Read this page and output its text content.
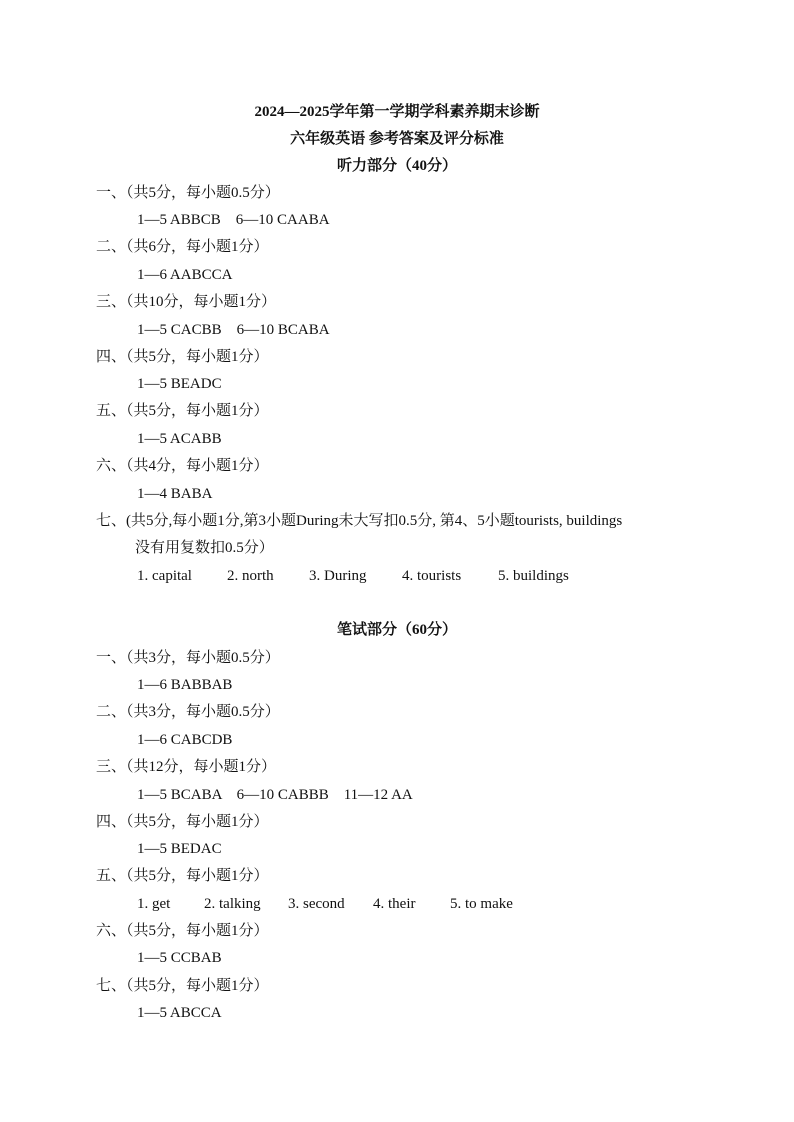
2024—2025学年第一学期学科素养期末诊断
六年级英语 参考答案及评分标准
听力部分（40分）
一、（共5分，每小题0.5分）
1—5 ABBCB    6—10 CAABA
二、（共6分，每小题1分）
1—6 AABCCA
三、（共10分，每小题1分）
1—5 CACBB    6—10 BCABA
四、（共5分，每小题1分）
1—5 BEADC
五、（共5分，每小题1分）
1—5 ACABB
六、（共4分，每小题1分）
1—4 BABA
七、(共5分,每小题1分,第3小题During未大写扣0.5分, 第4、5小题tourists, buildings
没有用复数扣0.5分）
1. capital 2. north 3. During 4. tourists 5. buildings
笔试部分（60分）
一、（共3分，每小题0.5分）
1—6 BABBAB
二、（共3分，每小题0.5分）
1—6 CABCDB
三、（共12分，每小题1分）
1—5 BCABA    6—10 CABBB    11—12 AA
四、（共5分，每小题1分）
1—5 BEDAC
五、（共5分，每小题1分）
1. get 2. talking 3. second 4. their 5. to make
六、（共5分，每小题1分）
1—5 CCBAB
七、（共5分，每小题1分）
1—5 ABCCA
